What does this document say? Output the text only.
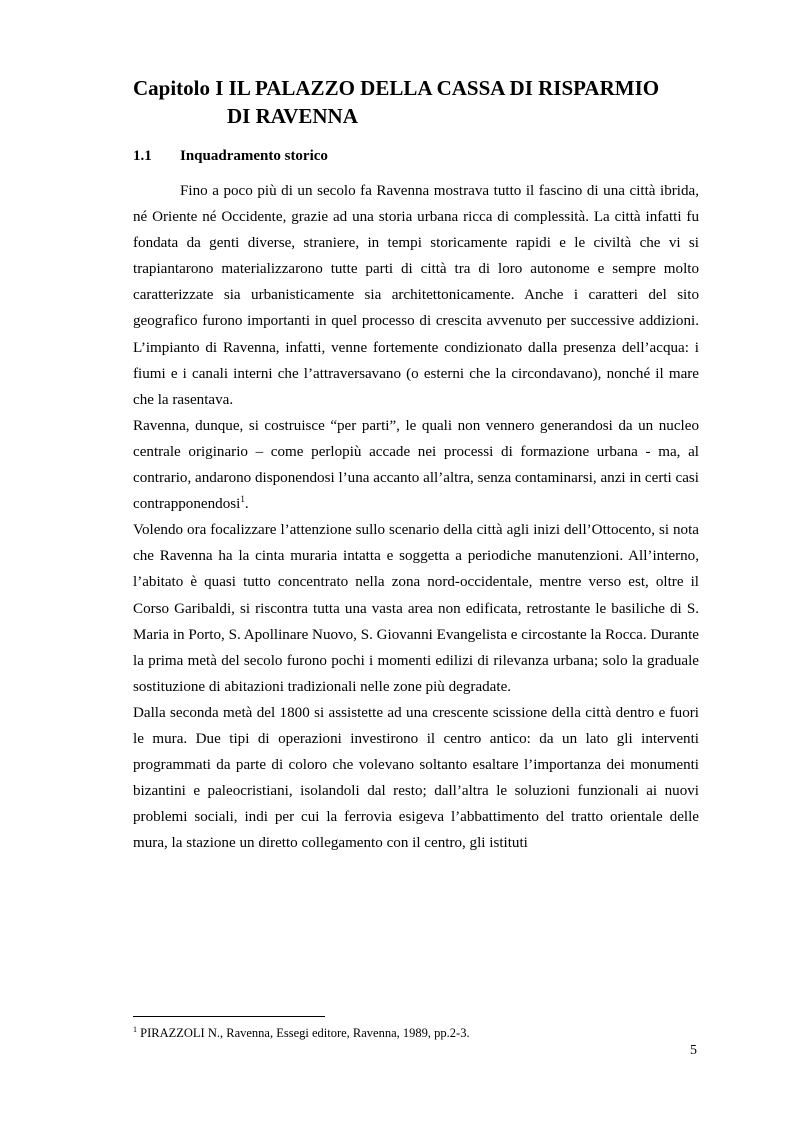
Capitolo I IL PALAZZO DELLA CASSA DI RISPARMIO
DI RAVENNA
1.1 Inquadramento storico

Fino a poco più di un secolo fa Ravenna mostrava tutto il fascino di una città ibrida, né Oriente né Occidente, grazie ad una storia urbana ricca di complessità. La città infatti fu fondata da genti diverse, straniere, in tempi storicamente rapidi e le civiltà che vi si trapiantarono materializzarono tutte parti di città tra di loro autonome e sempre molto caratterizzate sia urbanisticamente sia architettonicamente. Anche i caratteri del sito geografico furono importanti in quel processo di crescita avvenuto per successive addizioni. L’impianto di Ravenna, infatti, venne fortemente condizionato dalla presenza dell’acqua: i fiumi e i canali interni che l’attraversavano (o esterni che la circondavano), nonché il mare che la rasentava.

Ravenna, dunque, si costruisce “per parti”, le quali non vennero generandosi da un nucleo centrale originario – come perlopiù accade nei processi di formazione urbana - ma, al contrario, andarono disponendosi l’una accanto all’altra, senza contaminarsi, anzi in certi casi contrapponendosi$^1$.

Volendo ora focalizzare l’attenzione sullo scenario della città agli inizi dell’Ottocento, si nota che Ravenna ha la cinta muraria intatta e soggetta a periodiche manutenzioni. All’interno, l’abitato è quasi tutto concentrato nella zona nord-occidentale, mentre verso est, oltre il Corso Garibaldi, si riscontra tutta una vasta area non edificata, retrostante le basiliche di S. Maria in Porto, S. Apollinare Nuovo, S. Giovanni Evangelista e circostante la Rocca. Durante la prima metà del secolo furono pochi i momenti edilizi di rilevanza urbana; solo la graduale sostituzione di abitazioni tradizionali nelle zone più degradate.

Dalla seconda metà del 1800 si assistette ad una crescente scissione della città dentro e fuori le mura. Due tipi di operazioni investirono il centro antico: da un lato gli interventi programmati da parte di coloro che volevano soltanto esaltare l’importanza dei monumenti bizantini e paleocristiani, isolandoli dal resto; dall’altra le soluzioni funzionali ai nuovi problemi sociali, indi per cui la ferrovia esigeva l’abbattimento del tratto orientale delle mura, la stazione un diretto collegamento con il centro, gli istituti

$^1$ PIRAZZOLI N., Ravenna, Essegi editore, Ravenna, 1989, pp.2-3.
5
